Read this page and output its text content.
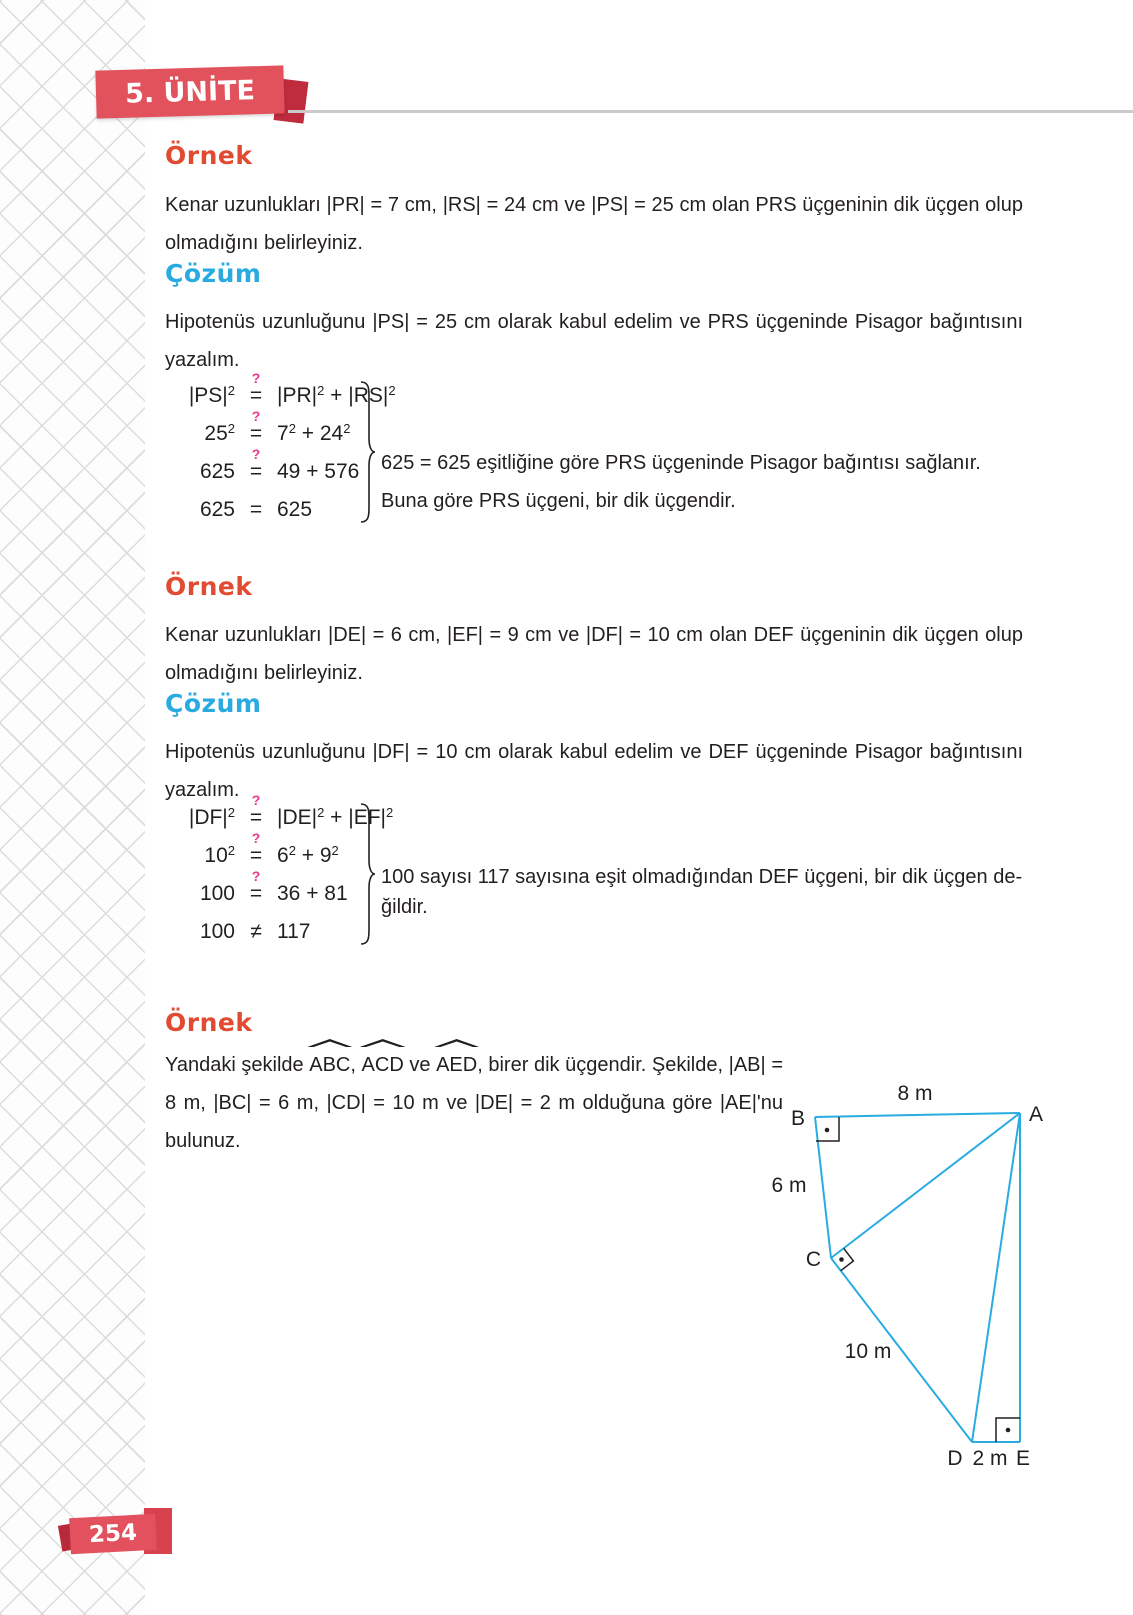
5. ÜNİTE
Örnek
Kenar uzunlukları |PR| = 7 cm, |RS| = 24 cm ve |PS| = 25 cm olan PRS üçgeninin dik üçgen olup olmadığını belirleyiniz.
Çözüm
Hipotenüs uzunluğunu |PS| = 25 cm olarak kabul edelim ve PRS üçgeninde Pisagor bağıntısını yazalım.
$|PS|^2$
?
= $|PR|^2 + |RS|^2$
$25^2$
?
= $7^2 + 24^2$
625
?
= 49 + 576
625 = 625
625 = 625 eşitliğine göre PRS üçgeninde Pisagor bağıntısı sağlanır.
Buna göre PRS üçgeni, bir dik üçgendir.
Örnek
Kenar uzunlukları |DE| = 6 cm, |EF| = 9 cm ve |DF| = 10 cm olan DEF üçgeninin dik üçgen olup olmadığını belirleyiniz.
Çözüm
Hipotenüs uzunluğunu |DF| = 10 cm olarak kabul edelim ve DEF üçgeninde Pisagor bağıntısını yazalım.
$|DF|^2$
?
= $|DE|^2 + |EF|^2$
$10^2$
?
= $6^2 + 9^2$
100
?
= 36 + 81
100 ≠ 117
100 sayısı 117 sayısına eşit olmadığından DEF üçgeni, bir dik üçgen de-
ğildir.
Örnek
Yandaki şekilde ABC, ACD ve AED, birer dik üçgendir. Şekilde, |AB| = 8 m, |BC| = 6 m, |CD| = 10 m ve |DE| = 2 m olduğuna göre |AE|'nu bulunuz.
B	A
8 m
6 m
C
10 m
D 2 m E
254
